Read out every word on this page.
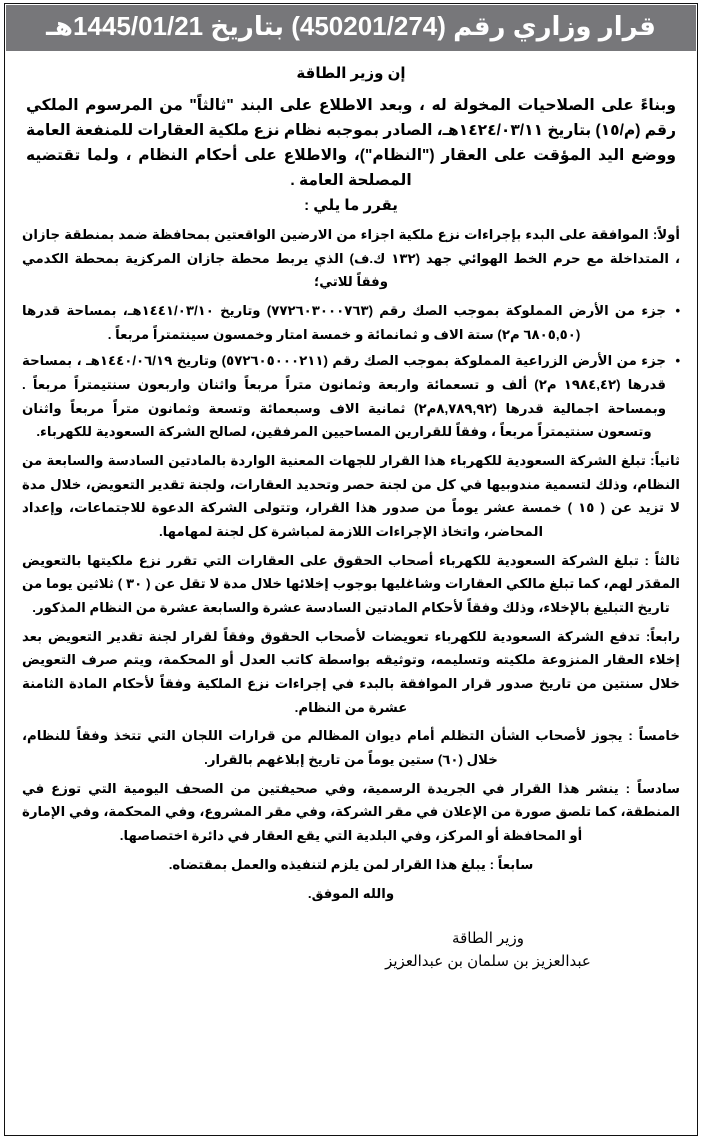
قرار وزاري رقم (450201/274) بتاريخ 1445/01/21هـ
إن وزير الطاقة
وبناءً على الصلاحيات المخولة له ، وبعد الاطلاع على البند "ثالثاً" من المرسوم الملكي رقم (م/١٥) بتاريخ ١٤٢٤/٠٣/١١هـ، الصادر بموجبه نظام نزع ملكية العقارات للمنفعة العامة ووضع اليد المؤقت على العقار ("النظام")، والاطلاع على أحكام النظام ، ولما تقتضيه المصلحة العامة .
يقرر ما يلي :
أولاً: الموافقة على البدء بإجراءات نزع ملكية اجزاء من الارضين الواقعتين بمحافظة ضمد بمنطقة جازان ، المتداخلة مع حرم الخط الهوائي جهد (١٣٢ ك.ف) الذي يربط محطة جازان المركزية بمحطة الكدمي وفقاً للاتي؛
• جزء من الأرض المملوكة بموجب الصك رقم (٧٧٢٦٠٣٠٠٠٧٦٣) وتاريخ ١٤٤١/٠٣/١٠هـ، بمساحة قدرها (٦٨٠٥,٥٠ م٢) ستة الاف و ثمانمائة و خمسة امتار وخمسون سينتمتراً مربعاً .
• جزء من الأرض الزراعية المملوكة بموجب الصك رقم (٥٧٢٦٠٥٠٠٠٢١١) وتاريخ ١٤٤٠/٠٦/١٩هـ ، بمساحة قدرها (١٩٨٤,٤٢ م٢) ألف و تسعمائة واربعة وثمانون متراً مربعاً واثنان واربعون سنتيمتراً مربعاً . وبمساحة اجمالية قدرها (٨,٧٨٩,٩٢م٢) ثمانية الاف وسبعمائة وتسعة وثمانون متراً مربعاً واثنان وتسعون سنتيمتراً مربعاً ، وفقاً للقرارين المساحيين المرفقين، لصالح الشركة السعودية للكهرباء.
ثانياً: تبلغ الشركة السعودية للكهرباء هذا القرار للجهات المعنية الواردة بالمادتين السادسة والسابعة من النظام، وذلك لتسمية مندوبيها في كل من لجنة حصر وتحديد العقارات، ولجنة تقدير التعويض، خلال مدة لا تزيد عن ( ١٥ ) خمسة عشر يوماً من صدور هذا القرار، وتتولى الشركة الدعوة للاجتماعات، وإعداد المحاضر، واتخاذ الإجراءات اللازمة لمباشرة كل لجنة لمهامها.
ثالثاً : تبلغ الشركة السعودية للكهرباء أصحاب الحقوق على العقارات التي تقرر نزع ملكيتها بالتعويض المقدَر لهم، كما تبلغ مالكي العقارات وشاغليها بوجوب إخلائها خلال مدة لا تقل عن ( ٣٠ ) ثلاثين يوما من تاريخ التبليغ بالإخلاء، وذلك وفقاً لأحكام المادتين السادسة عشرة والسابعة عشرة من النظام المذكور.
رابعاً: تدفع الشركة السعودية للكهرباء تعويضات لأصحاب الحقوق وفقاً لقرار لجنة تقدير التعويض بعد إخلاء العقار المنزوعة ملكيته وتسليمه، وتوثيقه بواسطة كاتب العدل أو المحكمة، ويتم صرف التعويض خلال سنتين من تاريخ صدور قرار الموافقة بالبدء في إجراءات نزع الملكية وفقاً لأحكام المادة الثامنة عشرة من النظام.
خامساً : يجوز لأصحاب الشأن التظلم أمام ديوان المظالم من قرارات اللجان التي تتخذ وفقاً للنظام، خلال (٦٠) ستين يوماً من تاريخ إبلاغهم بالقرار.
سادساً : ينشر هذا القرار في الجريدة الرسمية، وفي صحيفتين من الصحف اليومية التي توزع في المنطقة، كما تلصق صورة من الإعلان في مقر الشركة، وفي مقر المشروع، وفي المحكمة، وفي الإمارة أو المحافظة أو المركز، وفي البلدية التي يقع العقار في دائرة اختصاصها.
سابعاً : يبلغ هذا القرار لمن يلزم لتنفيذه والعمل بمقتضاه.
والله الموفق.
وزير الطاقة
عبدالعزيز بن سلمان بن عبدالعزيز
